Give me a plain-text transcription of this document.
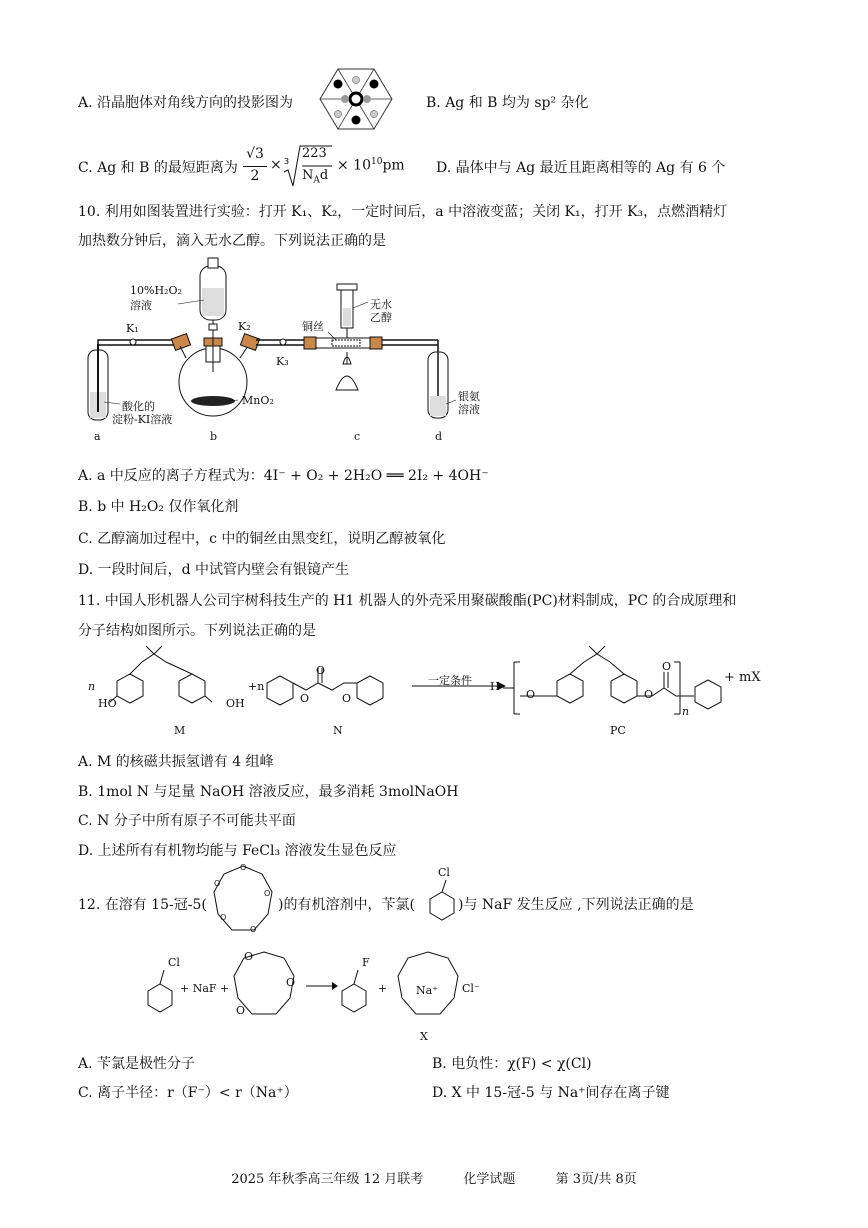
A. 沿晶胞体对角线方向的投影图为	B. Ag 和 B 均为 sp² 杂化
C. Ag 和 B 的最短距离为
√3
2
× 3
223
$N_Ad$
× $10^{10}pm$ D. 晶体中与 Ag 最近且距离相等的 Ag 有 6 个
10. 利用如图装置进行实验：打开 K₁、K₂，一定时间后，a 中溶液变蓝；关闭 K₁，打开 K₃，点燃酒精灯
加热数分钟后，滴入无水乙醇。下列说法正确的是
10%H₂O₂
溶液
K₁	K₂
K₃
MnO₂
无水
乙醇
铜丝
酸化的
淀粉-KI溶液
银氨
溶液
a	b	c	d
A. a 中反应的离子方程式为：4I⁻ + O₂ + 2H₂O ══ 2I₂ + 4OH⁻
B. b 中 H₂O₂ 仅作氧化剂
C. 乙醇滴加过程中，c 中的铜丝由黑变红，说明乙醇被氧化
D. 一段时间后，d 中试管内壁会有银镜产生
11. 中国人形机器人公司宇树科技生产的 H1 机器人的外壳采用聚碳酸酯(PC)材料制成，PC 的合成原理和
分子结构如图所示。下列说法正确的是
n
HO	OH
+n
O
O
O
一定条件 H
O	O
O
n
+ mX
M	N	PC
A. M 的核磁共振氢谱有 4 组峰
B. 1mol N 与足量 NaOH 溶液反应，最多消耗 3molNaOH
C. N 分子中所有原子不可能共平面
D. 上述所有有机物均能与 FeCl₃ 溶液发生显色反应
12. 在溶有 15-冠-5(
O
O
O
O
O
)的有机溶剂中，苄氯(
Cl
)与 NaF 发生反应 ,下列说法正确的是
Cl
+ NaF +
O
O
O
F
+	Na⁺ Cl⁻
X
A. 苄氯是极性分子	B. 电负性：χ(F) < χ(Cl)
C. 离子半径：r（F⁻）< r（Na⁺）	D. X 中 15-冠-5 与 Na⁺间存在离子键
2025 年秋季高三年级 12 月联考	化学试题	第 3页/共 8页
